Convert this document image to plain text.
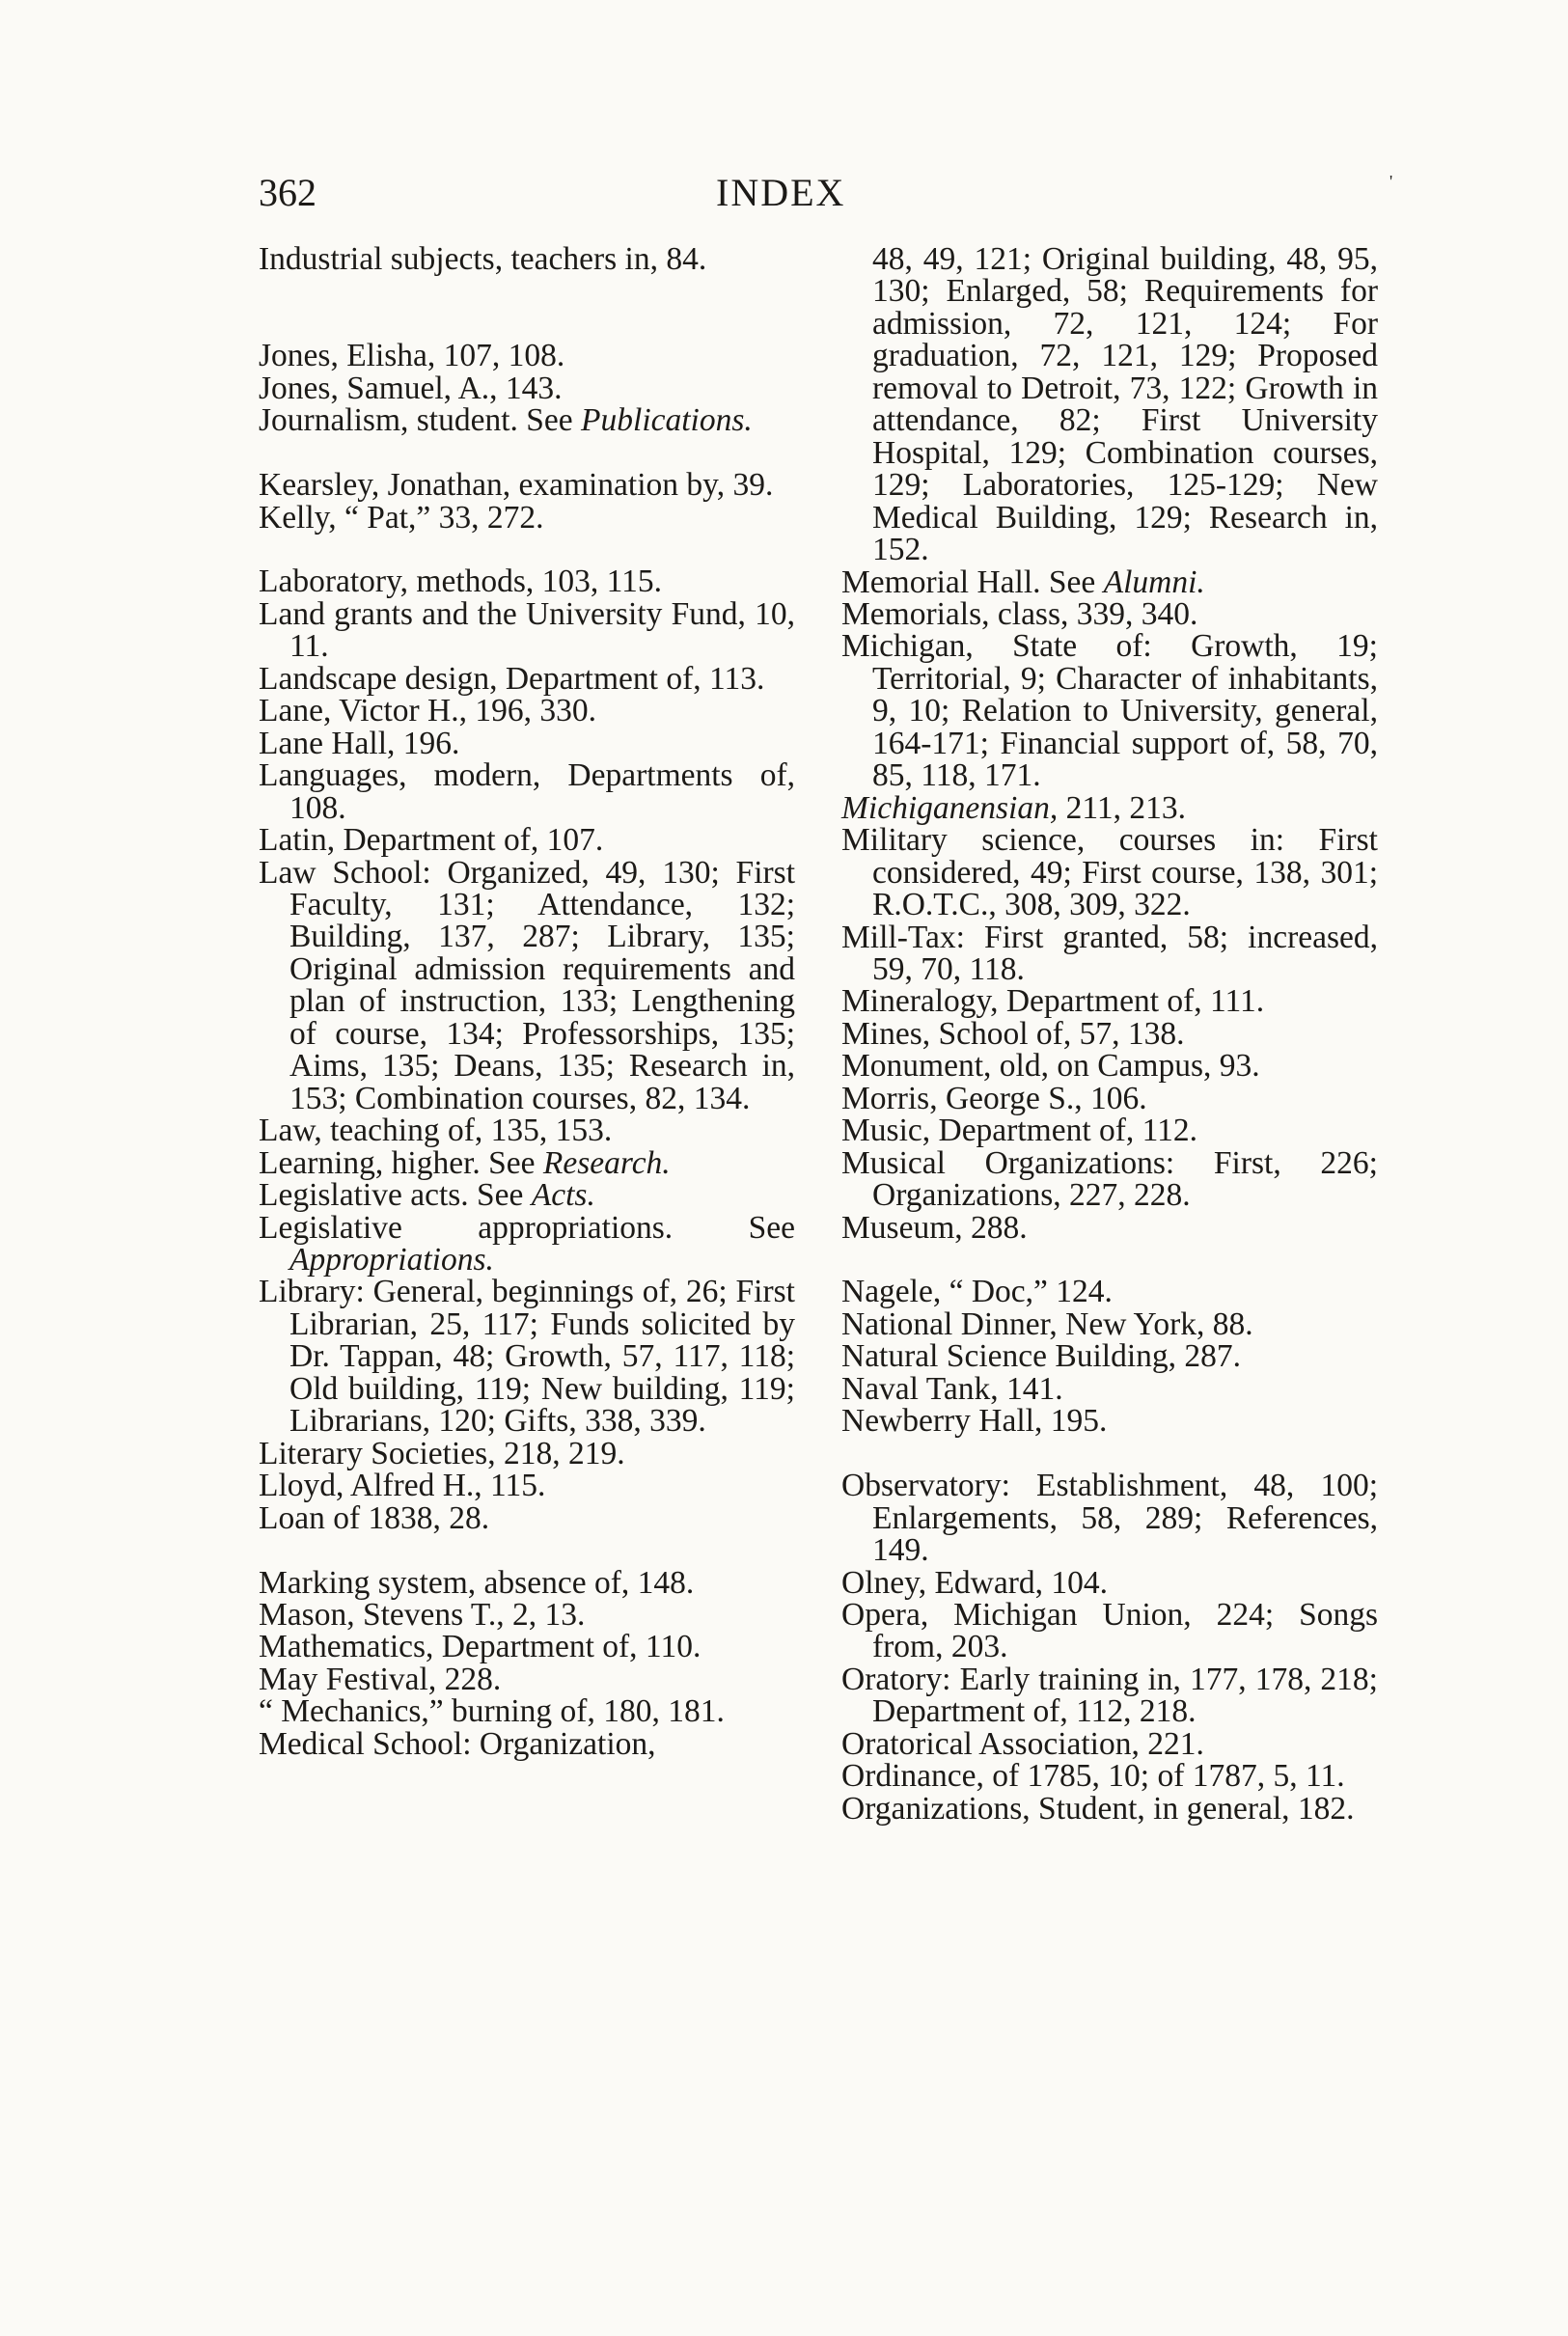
362	INDEX	'

Industrial subjects, teachers in, 84.

Jones, Elisha, 107, 108.

Jones, Samuel, A., 143.

Journalism, student. See Publications.

Kearsley, Jonathan, examination by, 39.

Kelly, “ Pat,” 33, 272.

Laboratory, methods, 103, 115.

Land grants and the University Fund, 10, 11.

Landscape design, Department of, 113.

Lane, Victor H., 196, 330.

Lane Hall, 196.

Languages, modern, Departments of, 108.

Latin, Department of, 107.

Law School: Organized, 49, 130; First Faculty, 131; Attendance, 132; Building, 137, 287; Library, 135; Original admission requirements and plan of instruction, 133; Lengthening of course, 134; Professorships, 135; Aims, 135; Deans, 135; Research in, 153; Combination courses, 82, 134.

Law, teaching of, 135, 153.

Learning, higher. See Research.

Legislative acts. See Acts.

Legislative appropriations. See Appropriations.

Library: General, beginnings of, 26; First Librarian, 25, 117; Funds solicited by Dr. Tappan, 48; Growth, 57, 117, 118; Old building, 119; New building, 119; Librarians, 120; Gifts, 338, 339.

Literary Societies, 218, 219.

Lloyd, Alfred H., 115.

Loan of 1838, 28.

Marking system, absence of, 148.

Mason, Stevens T., 2, 13.

Mathematics, Department of, 110.

May Festival, 228.

“ Mechanics,” burning of, 180, 181.

Medical School: Organization,

48, 49, 121; Original building, 48, 95, 130; Enlarged, 58; Requirements for admission, 72, 121, 124; For graduation, 72, 121, 129; Proposed removal to Detroit, 73, 122; Growth in attendance, 82; First University Hospital, 129; Combination courses, 129; Laboratories, 125-129; New Medical Building, 129; Research in, 152.

Memorial Hall. See Alumni.

Memorials, class, 339, 340.

Michigan, State of: Growth, 19; Territorial, 9; Character of inhabitants, 9, 10; Relation to University, general, 164-171; Financial support of, 58, 70, 85, 118, 171.

Michiganensian, 211, 213.

Military science, courses in: First considered, 49; First course, 138, 301; R.O.T.C., 308, 309, 322.

Mill-Tax: First granted, 58; increased, 59, 70, 118.

Mineralogy, Department of, 111.

Mines, School of, 57, 138.

Monument, old, on Campus, 93.

Morris, George S., 106.

Music, Department of, 112.

Musical Organizations: First, 226; Organizations, 227, 228.

Museum, 288.

Nagele, “ Doc,” 124.

National Dinner, New York, 88.

Natural Science Building, 287.

Naval Tank, 141.

Newberry Hall, 195.

Observatory: Establishment, 48, 100; Enlargements, 58, 289; References, 149.

Olney, Edward, 104.

Opera, Michigan Union, 224; Songs from, 203.

Oratory: Early training in, 177, 178, 218; Department of, 112, 218.

Oratorical Association, 221.

Ordinance, of 1785, 10; of 1787, 5, 11.

Organizations, Student, in general, 182.
